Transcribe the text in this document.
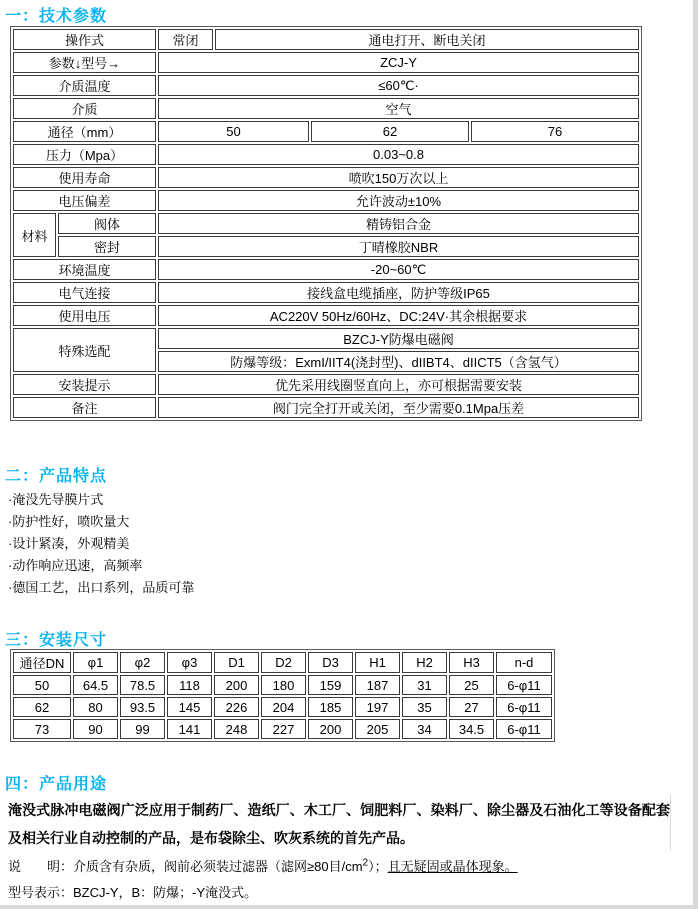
一：技术参数
操作式		常闭	通电打开、断电关闭		
参数↓型号→		ZCJ-Y			
介质温度		≤60℃·			
介质		空气			
通径（mm）		50		62	76
压力（Mpa）		0.03~0.8			
使用寿命		喷吹150万次以上			
电压偏差		允许波动±10%			
材料	阀体	精铸铝合金			
	密封	丁晴橡胶NBR			
环境温度		-20~60℃			
电气连接		接线盒电缆插座，防护等级IP65			
使用电压		AC220V 50Hz/60Hz、DC:24V·其余根据要求			
特殊选配		BZCJ-Y防爆电磁阀			
		防爆等级：ExmI/IIT4(浇封型)、dIIBT4、dIICT5（含氢气）			
安装提示		优先采用线圈竖直向上，亦可根据需要安装			
备注		阀门完全打开或关闭，至少需要0.1Mpa压差			
二：产品特点
·淹没先导膜片式
·防护性好，喷吹量大
·设计紧凑，外观精美
·动作响应迅速，高频率
·德国工艺，出口系列，品质可靠
三：安装尺寸
通径DN	φ1	φ2	φ3	D1	D2	D3	H1	H2	H3	n-d
50	64.5	78.5	118	200	180	159	187	31	25	6-φ11
62	80	93.5	145	226	204	185	197	35	27	6-φ11
73	90	99	141	248	227	200	205	34	34.5	6-φ11
四：产品用途

淹没式脉冲电磁阀广泛应用于制药厂、造纸厂、木工厂、饲肥料厂、染料厂、除尘器及石油化工等设备配套及相关行业自动控制的产品，是布袋除尘、吹灰系统的首先产品。

说　　明：介质含有杂质，阀前必须装过滤器（滤网≥80目$/cm^2$）；且无疑固或晶体现象。

型号表示：BZCJ-Y，B：防爆；-Y淹没式。
